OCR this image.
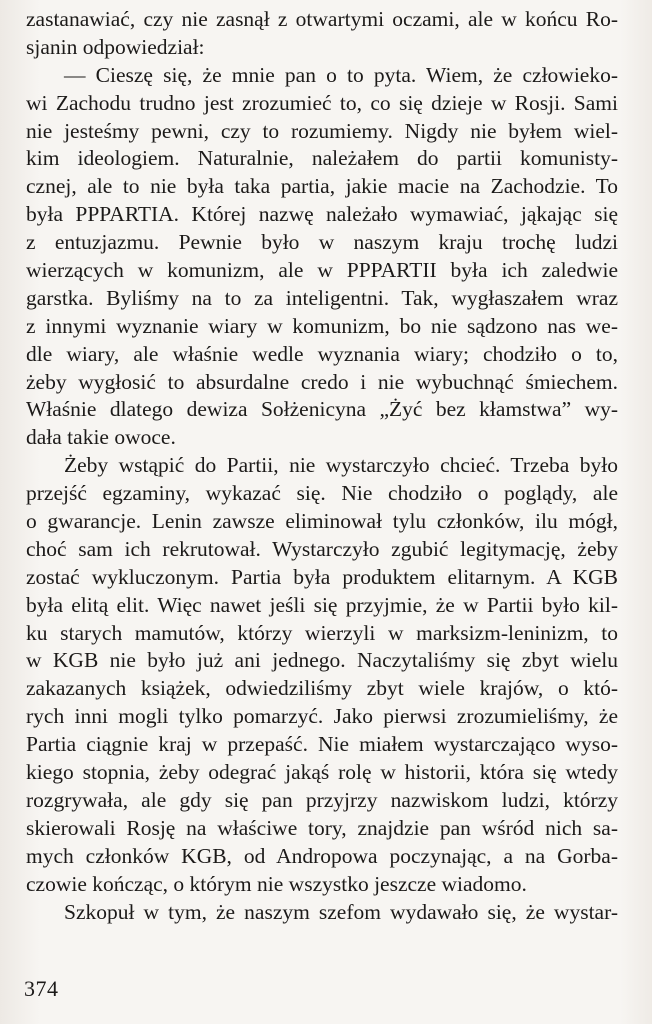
zastanawiać, czy nie zasnął z otwartymi oczami, ale w końcu Ro-
sjanin odpowiedział:
— Cieszę się, że mnie pan o to pyta. Wiem, że człowieko-
wi Zachodu trudno jest zrozumieć to, co się dzieje w Rosji. Sami
nie jesteśmy pewni, czy to rozumiemy. Nigdy nie byłem wiel-
kim ideologiem. Naturalnie, należałem do partii komunisty-
cznej, ale to nie była taka partia, jakie macie na Zachodzie. To
była PPPARTIA. Której nazwę należało wymawiać, jąkając się
z entuzjazmu. Pewnie było w naszym kraju trochę ludzi
wierzących w komunizm, ale w PPPARTII była ich zaledwie
garstka. Byliśmy na to za inteligentni. Tak, wygłaszałem wraz
z innymi wyznanie wiary w komunizm, bo nie sądzono nas we-
dle wiary, ale właśnie wedle wyznania wiary; chodziło o to,
żeby wygłosić to absurdalne credo i nie wybuchnąć śmiechem.
Właśnie dlatego dewiza Sołżenicyna „Żyć bez kłamstwa” wy-
dała takie owoce.
Żeby wstąpić do Partii, nie wystarczyło chcieć. Trzeba było
przejść egzaminy, wykazać się. Nie chodziło o poglądy, ale
o gwarancje. Lenin zawsze eliminował tylu członków, ilu mógł,
choć sam ich rekrutował. Wystarczyło zgubić legitymację, żeby
zostać wykluczonym. Partia była produktem elitarnym. A KGB
była elitą elit. Więc nawet jeśli się przyjmie, że w Partii było kil-
ku starych mamutów, którzy wierzyli w marksizm-leninizm, to
w KGB nie było już ani jednego. Naczytaliśmy się zbyt wielu
zakazanych książek, odwiedziliśmy zbyt wiele krajów, o któ-
rych inni mogli tylko pomarzyć. Jako pierwsi zrozumieliśmy, że
Partia ciągnie kraj w przepaść. Nie miałem wystarczająco wyso-
kiego stopnia, żeby odegrać jakąś rolę w historii, która się wtedy
rozgrywała, ale gdy się pan przyjrzy nazwiskom ludzi, którzy
skierowali Rosję na właściwe tory, znajdzie pan wśród nich sa-
mych członków KGB, od Andropowa poczynając, a na Gorba-
czowie kończąc, o którym nie wszystko jeszcze wiadomo.
Szkopuł w tym, że naszym szefom wydawało się, że wystar-
374
